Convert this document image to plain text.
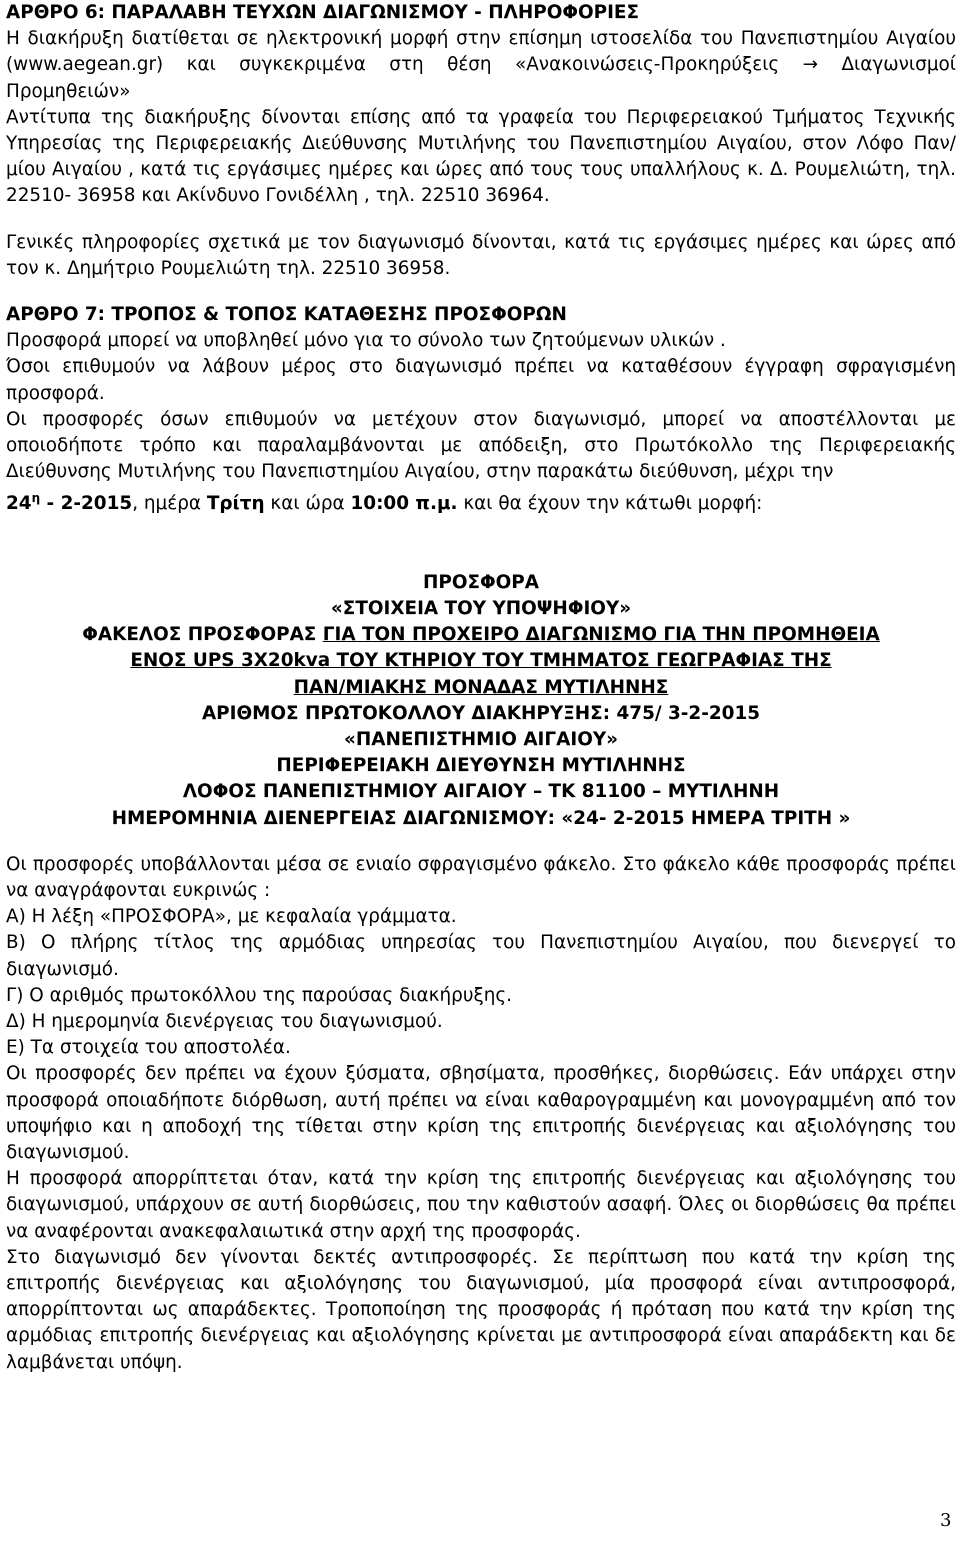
ΑΡΘΡΟ 6: ΠΑΡΑΛΑΒΗ ΤΕΥΧΩΝ ΔΙΑΓΩΝΙΣΜΟΥ - ΠΛΗΡΟΦΟΡΙΕΣ

Η διακήρυξη διατίθεται σε ηλεκτρονική μορφή στην επίσημη ιστοσελίδα του Πανεπιστημίου Αιγαίου (www.aegean.gr) και συγκεκριμένα στη θέση «Ανακοινώσεις-Προκηρύξεις → Διαγωνισμοί Προμηθειών»

Αντίτυπα της διακήρυξης δίνονται επίσης από τα γραφεία του Περιφερειακού Τμήματος Τεχνικής Υπηρεσίας της Περιφερειακής Διεύθυνσης Μυτιλήνης του Πανεπιστημίου Αιγαίου, στον Λόφο Παν/μίου Αιγαίου , κατά τις εργάσιμες ημέρες και ώρες από τους τους υπαλλήλους κ. Δ. Ρουμελιώτη, τηλ. 22510- 36958 και Ακίνδυνο Γονιδέλλη , τηλ. 22510 36964.

Γενικές πληροφορίες σχετικά με τον διαγωνισμό δίνονται, κατά τις εργάσιμες ημέρες και ώρες από τον κ. Δημήτριο Ρουμελιώτη τηλ. 22510 36958.

ΑΡΘΡΟ 7: ΤΡΟΠΟΣ & ΤΟΠΟΣ ΚΑΤΑΘΕΣΗΣ ΠΡΟΣΦΟΡΩΝ

Προσφορά μπορεί να υποβληθεί μόνο για το σύνολο των ζητούμενων υλικών .

Όσοι επιθυμούν να λάβουν μέρος στο διαγωνισμό πρέπει να καταθέσουν έγγραφη σφραγισμένη προσφορά.

Οι προσφορές όσων επιθυμούν να μετέχουν στον διαγωνισμό, μπορεί να αποστέλλονται με οποιοδήποτε τρόπο και παραλαμβάνονται με απόδειξη, στο Πρωτόκολλο της Περιφερειακής Διεύθυνσης Μυτιλήνης του Πανεπιστημίου Αιγαίου, στην παρακάτω διεύθυνση, μέχρι την
$24^\eta - 2-2015$, ημέρα Τρίτη και ώρα 10:00 π.μ. και θα έχουν την κάτωθι μορφή:

ΠΡΟΣΦΟΡΑ

«ΣΤΟΙΧΕΙΑ ΤΟΥ ΥΠΟΨΗΦΙΟΥ»

ΦΑΚΕΛΟΣ ΠΡΟΣΦΟΡΑΣ ΓΙΑ ΤΟΝ ΠΡΟΧΕΙΡΟ ΔΙΑΓΩΝΙΣΜΟ ΓΙΑ ΤΗΝ ΠΡΟΜΗΘΕΙΑ

ΕΝΟΣ UPS 3X20kva ΤΟΥ ΚΤΗΡΙΟΥ ΤΟΥ ΤΜΗΜΑΤΟΣ ΓΕΩΓΡΑΦΙΑΣ ΤΗΣ

ΠΑΝ/ΜΙΑΚΗΣ ΜΟΝΑΔΑΣ ΜΥΤΙΛΗΝΗΣ

ΑΡΙΘΜΟΣ ΠΡΩΤΟΚΟΛΛΟΥ ΔΙΑΚΗΡΥΞΗΣ: 475/ 3-2-2015

«ΠΑΝΕΠΙΣΤΗΜΙΟ ΑΙΓΑΙΟΥ»

ΠΕΡΙΦΕΡΕΙΑΚΗ ΔΙΕΥΘΥΝΣΗ ΜΥΤΙΛΗΝΗΣ

ΛΟΦΟΣ ΠΑΝΕΠΙΣΤΗΜΙΟΥ ΑΙΓΑΙΟΥ – ΤΚ 81100 – ΜΥΤΙΛΗΝΗ

ΗΜΕΡΟΜΗΝΙΑ ΔΙΕΝΕΡΓΕΙΑΣ ΔΙΑΓΩΝΙΣΜΟΥ: «24- 2-2015 ΗΜΕΡΑ ΤΡΙΤΗ »

Οι προσφορές υποβάλλονται μέσα σε ενιαίο σφραγισμένο φάκελο. Στο φάκελο κάθε προσφοράς πρέπει να αναγράφονται ευκρινώς :

Α) Η λέξη «ΠΡΟΣΦΟΡΑ», με κεφαλαία γράμματα.

Β) Ο πλήρης τίτλος της αρμόδιας υπηρεσίας του Πανεπιστημίου Αιγαίου, που διενεργεί το διαγωνισμό.

Γ) Ο αριθμός πρωτοκόλλου της παρούσας διακήρυξης.

Δ) Η ημερομηνία διενέργειας του διαγωνισμού.

Ε) Τα στοιχεία του αποστολέα.

Οι προσφορές δεν πρέπει να έχουν ξύσματα, σβησίματα, προσθήκες, διορθώσεις. Εάν υπάρχει στην προσφορά οποιαδήποτε διόρθωση, αυτή πρέπει να είναι καθαρογραμμένη και μονογραμμένη από τον υποψήφιο και η αποδοχή της τίθεται στην κρίση της επιτροπής διενέργειας και αξιολόγησης του διαγωνισμού.

Η προσφορά απορρίπτεται όταν, κατά την κρίση της επιτροπής διενέργειας και αξιολόγησης του διαγωνισμού, υπάρχουν σε αυτή διορθώσεις, που την καθιστούν ασαφή. Όλες οι διορθώσεις θα πρέπει να αναφέρονται ανακεφαλαιωτικά στην αρχή της προσφοράς.

Στο διαγωνισμό δεν γίνονται δεκτές αντιπροσφορές. Σε περίπτωση που κατά την κρίση της επιτροπής διενέργειας και αξιολόγησης του διαγωνισμού, μία προσφορά είναι αντιπροσφορά, απορρίπτονται ως απαράδεκτες. Τροποποίηση της προσφοράς ή πρόταση που κατά την κρίση της αρμόδιας επιτροπής διενέργειας και αξιολόγησης κρίνεται με αντιπροσφορά είναι απαράδεκτη και δε λαμβάνεται υπόψη.

3
